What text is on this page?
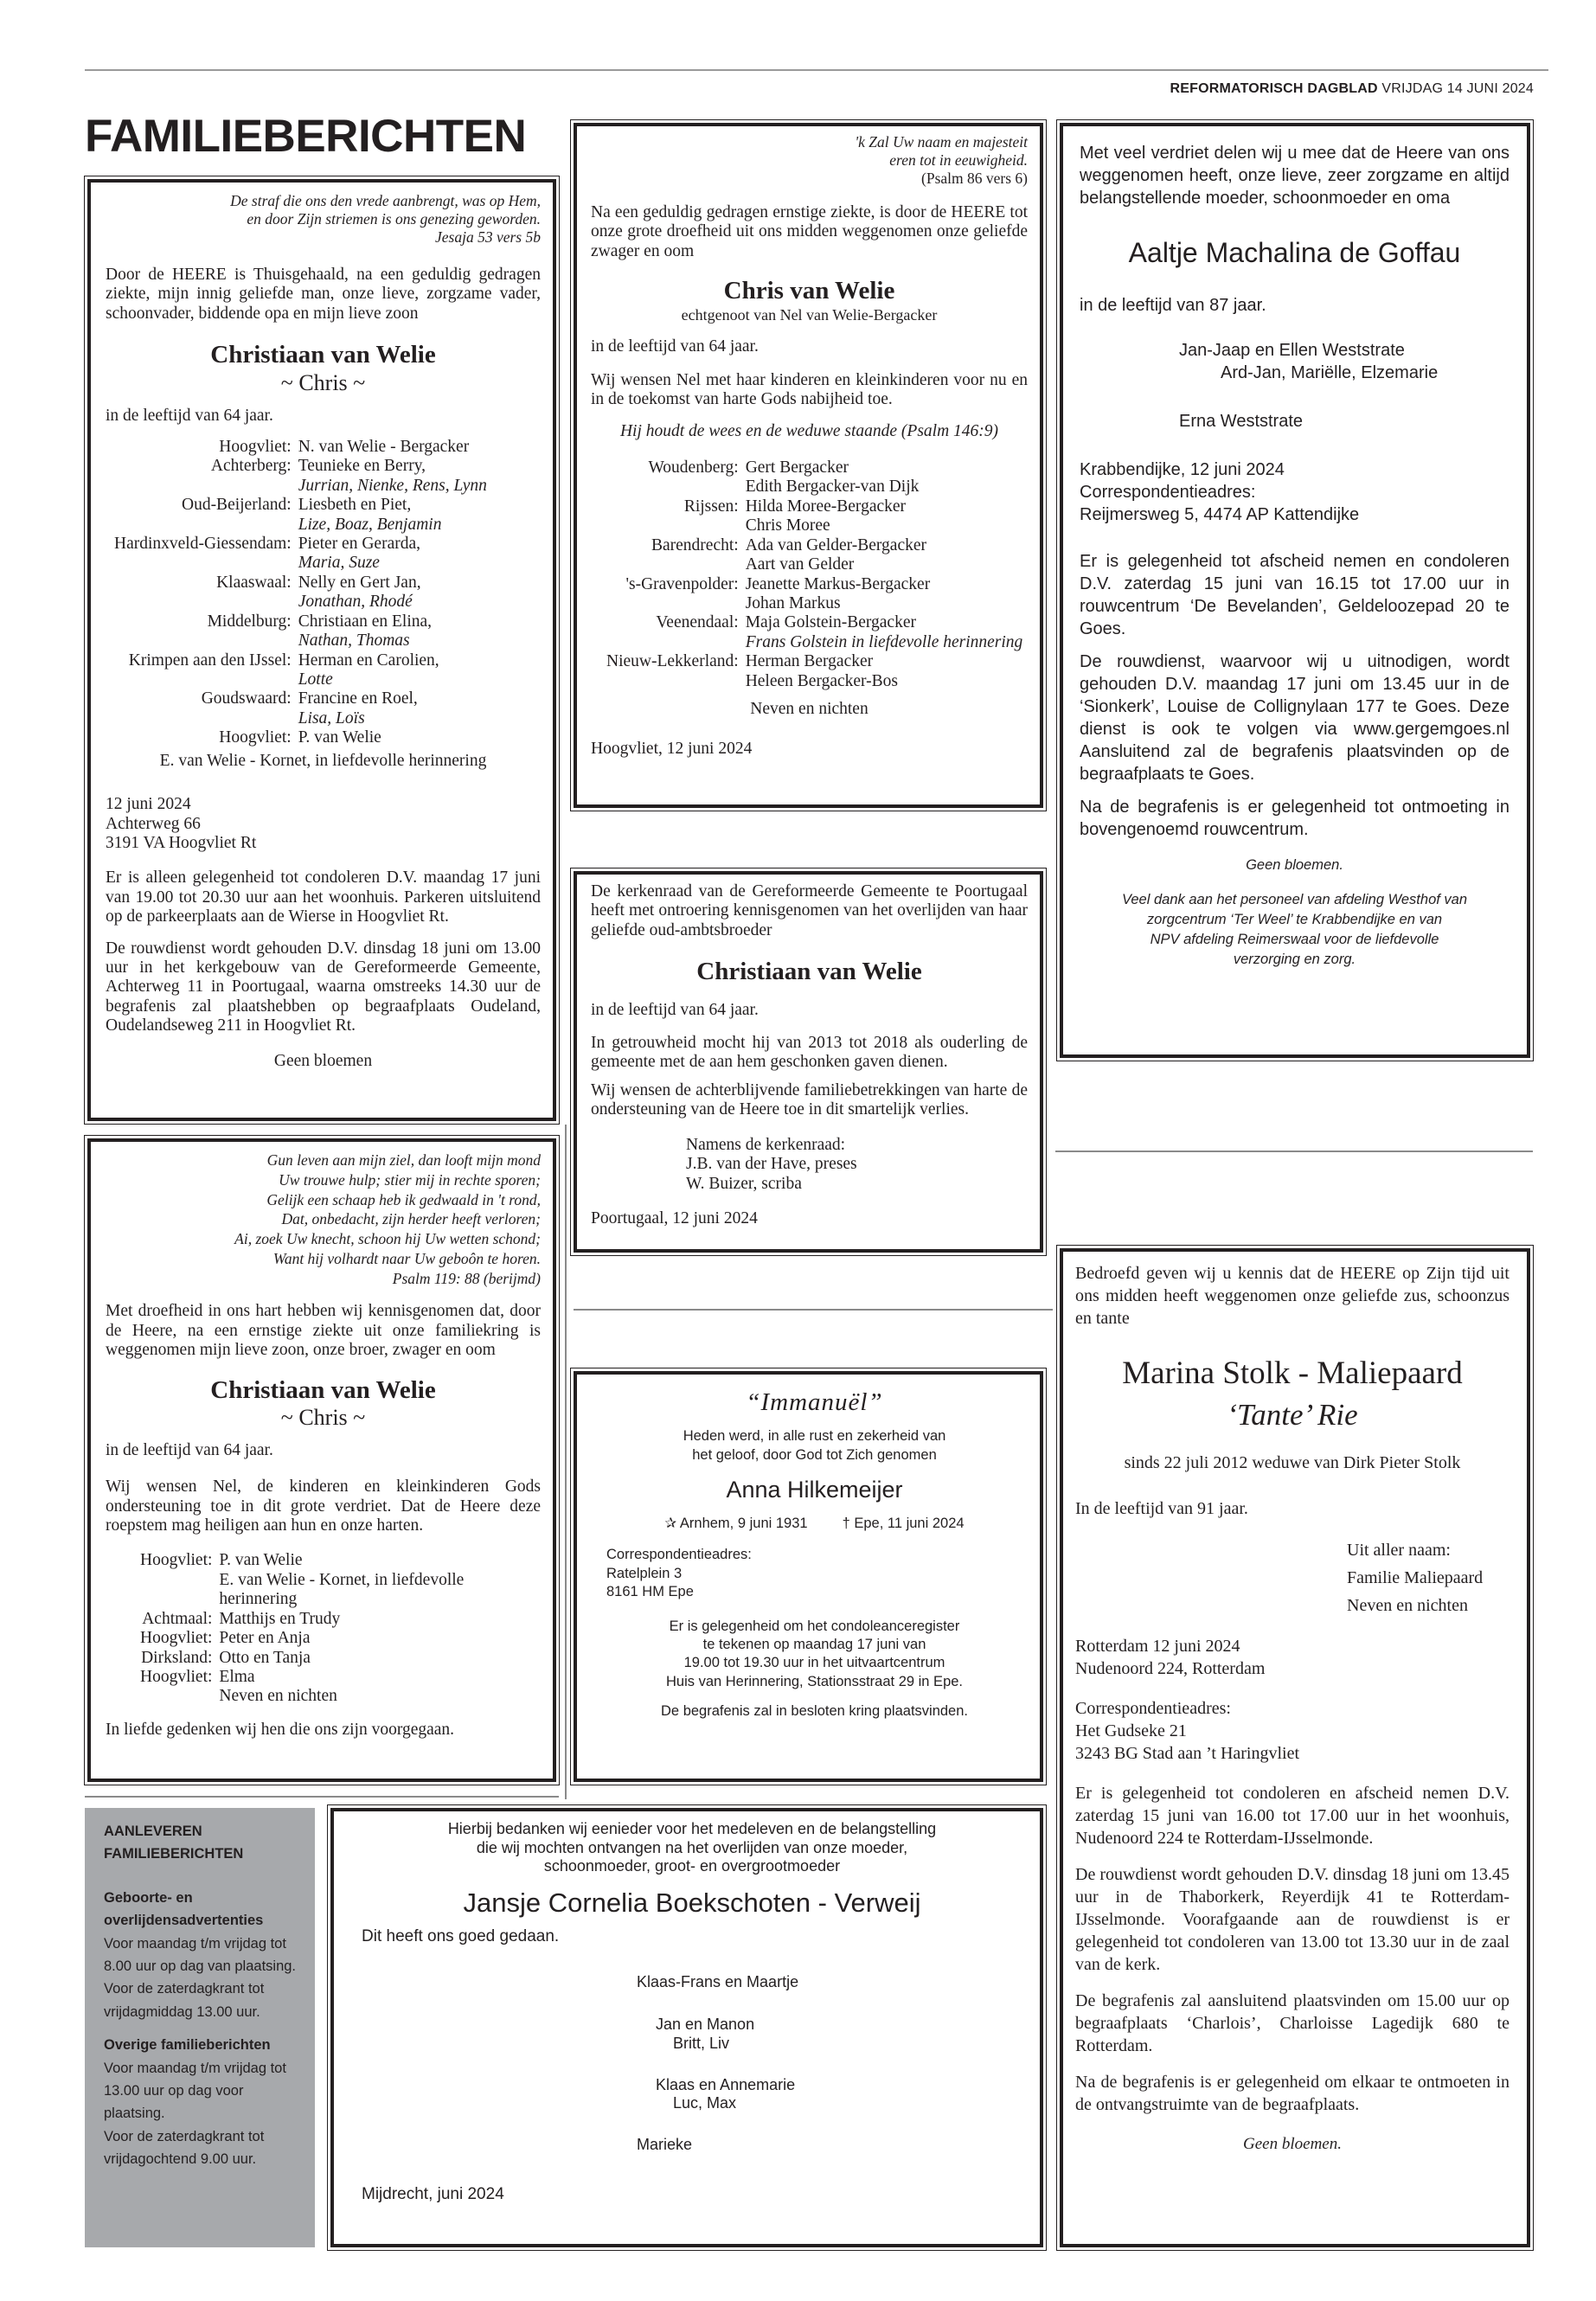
REFORMATORISCH DAGBLAD VRIJDAG 14 JUNI 2024
FAMILIEBERICHTEN
De straf die ons den vrede aanbrengt, was op Hem,
en door Zijn striemen is ons genezing geworden.
Jesaja 53 vers 5b

Door de HEERE is Thuisgehaald, na een geduldig gedragen ziekte, mijn innig geliefde man, onze lieve, zorgzame vader, schoonvader, biddende opa en mijn lieve zoon

Christiaan van Welie
~ Chris ~

in de leeftijd van 64 jaar.

Hoogvliet: N. van Welie - Bergacker
Achterberg: Teunieke en Berry,
Jurrian, Nienke, Rens, Lynn
Oud-Beijerland: Liesbeth en Piet,
Lize, Boaz, Benjamin
Hardinxveld-Giessendam: Pieter en Gerarda,
Maria, Suze
Klaaswaal: Nelly en Gert Jan,
Jonathan, Rhodé
Middelburg: Christiaan en Elina,
Nathan, Thomas
Krimpen aan den IJssel: Herman en Carolien,
Lotte
Goudswaard: Francine en Roel,
Lisa, Loïs
Hoogvliet: P. van Welie

E. van Welie - Kornet, in liefdevolle herinnering

12 juni 2024
Achterweg 66
3191 VA Hoogvliet Rt

Er is alleen gelegenheid tot condoleren D.V. maandag 17 juni van 19.00 tot 20.30 uur aan het woonhuis. Parkeren uitsluitend op de parkeerplaats aan de Wierse in Hoogvliet Rt.

De rouwdienst wordt gehouden D.V. dinsdag 18 juni om 13.00 uur in het kerkgebouw van de Gereformeerde Gemeente, Achterweg 11 in Poortugaal, waarna omstreeks 14.30 uur de begrafenis zal plaatshebben op begraafplaats Oudeland, Oudelandseweg 211 in Hoogvliet Rt.

Geen bloemen

Gun leven aan mijn ziel, dan looft mijn mond
Uw trouwe hulp; stier mij in rechte sporen;
Gelijk een schaap heb ik gedwaald in 't rond,
Dat, onbedacht, zijn herder heeft verloren;
Ai, zoek Uw knecht, schoon hij Uw wetten schond;
Want hij volhardt naar Uw geboôn te horen.
Psalm 119: 88 (berijmd)

Met droefheid in ons hart hebben wij kennisgenomen dat, door de Heere, na een ernstige ziekte uit onze familiekring is weggenomen mijn lieve zoon, onze broer, zwager en oom

Christiaan van Welie
~ Chris ~

in de leeftijd van 64 jaar.

Wij wensen Nel, de kinderen en kleinkinderen Gods ondersteuning toe in dit grote verdriet. Dat de Heere deze roepstem mag heiligen aan hun en onze harten.

Hoogvliet: P. van Welie
E. van Welie - Kornet, in liefdevolle herinnering
Achtmaal: Matthijs en Trudy
Hoogvliet: Peter en Anja
Dirksland: Otto en Tanja
Hoogvliet: Elma
Neven en nichten

In liefde gedenken wij hen die ons zijn voorgegaan.

'k Zal Uw naam en majesteit
eren tot in eeuwigheid.
(Psalm 86 vers 6)

Na een geduldig gedragen ernstige ziekte, is door de HEERE tot onze grote droefheid uit ons midden weggenomen onze geliefde zwager en oom

Chris van Welie
echtgenoot van Nel van Welie-Bergacker

in de leeftijd van 64 jaar.

Wij wensen Nel met haar kinderen en kleinkinderen voor nu en in de toekomst van harte Gods nabijheid toe.

Hij houdt de wees en de weduwe staande (Psalm 146:9)

Woudenberg: Gert Bergacker
Edith Bergacker-van Dijk
Rijssen: Hilda Moree-Bergacker
Chris Moree
Barendrecht: Ada van Gelder-Bergacker
Aart van Gelder
's-Gravenpolder: Jeanette Markus-Bergacker
Johan Markus
Veenendaal: Maja Golstein-Bergacker
Frans Golstein in liefdevolle herinnering
Nieuw-Lekkerland: Herman Bergacker
Heleen Bergacker-Bos

Neven en nichten

Hoogvliet, 12 juni 2024

De kerkenraad van de Gereformeerde Gemeente te Poortugaal heeft met ontroering kennisgenomen van het overlijden van haar geliefde oud-ambtsbroeder

Christiaan van Welie

in de leeftijd van 64 jaar.

In getrouwheid mocht hij van 2013 tot 2018 als ouderling de gemeente met de aan hem geschonken gaven dienen.

Wij wensen de achterblijvende familiebetrekkingen van harte de ondersteuning van de Heere toe in dit smartelijk verlies.

Namens de kerkenraad:
J.B. van der Have, preses
W. Buizer, scriba

Poortugaal, 12 juni 2024

“Immanuël”
Heden werd, in alle rust en zekerheid van
het geloof, door God tot Zich genomen
Anna Hilkemeijer
✰ Arnhem, 9 juni 1931 † Epe, 11 juni 2024
Correspondentieadres:
Ratelplein 3
8161 HM Epe
Er is gelegenheid om het condoleanceregister
te tekenen op maandag 17 juni van
19.00 tot 19.30 uur in het uitvaartcentrum
Huis van Herinnering, Stationsstraat 29 in Epe.

De begrafenis zal in besloten kring plaatsvinden.

Met veel verdriet delen wij u mee dat de Heere van ons weggenomen heeft, onze lieve, zeer zorgzame en altijd belangstellende moeder, schoonmoeder en oma

Aaltje Machalina de Goffau

in de leeftijd van 87 jaar.

Jan-Jaap en Ellen Weststrate
Ard-Jan, Mariëlle, Elzemarie
Erna Weststrate
Krabbendijke, 12 juni 2024
Correspondentieadres:
Reijmersweg 5, 4474 AP Kattendijke

Er is gelegenheid tot afscheid nemen en condoleren D.V. zaterdag 15 juni van 16.15 tot 17.00 uur in rouwcentrum ‘De Bevelanden’, Geldeloozepad 20 te Goes.

De rouwdienst, waarvoor wij u uitnodigen, wordt gehouden D.V. maandag 17 juni om 13.45 uur in de ‘Sionkerk’, Louise de Collignylaan 177 te Goes. Deze dienst is ook te volgen via www.gergemgoes.nl Aansluitend zal de begrafenis plaatsvinden op de begraafplaats te Goes.

Na de begrafenis is er gelegenheid tot ontmoeting in bovengenoemd rouwcentrum.

Geen bloemen.

Veel dank aan het personeel van afdeling Westhof van
zorgcentrum ‘Ter Weel’ te Krabbendijke en van
NPV afdeling Reimerswaal voor de liefdevolle
verzorging en zorg.

Bedroefd geven wij u kennis dat de HEERE op Zijn tijd uit ons midden heeft weggenomen onze geliefde zus, schoonzus en tante

Marina Stolk - Maliepaard
‘Tante’ Rie

sinds 22 juli 2012 weduwe van Dirk Pieter Stolk

In de leeftijd van 91 jaar.

Uit aller naam:
Familie Maliepaard
Neven en nichten
Rotterdam 12 juni 2024
Nudenoord 224, Rotterdam
Correspondentieadres:
Het Gudseke 21
3243 BG Stad aan ’t Haringvliet

Er is gelegenheid tot condoleren en afscheid nemen D.V. zaterdag 15 juni van 16.00 tot 17.00 uur in het woonhuis, Nudenoord 224 te Rotterdam-IJsselmonde.

De rouwdienst wordt gehouden D.V. dinsdag 18 juni om 13.45 uur in de Thaborkerk, Reyerdijk 41 te Rotterdam-IJsselmonde. Voorafgaande aan de rouwdienst is er gelegenheid tot condoleren van 13.00 tot 13.30 uur in de zaal van de kerk.

De begrafenis zal aansluitend plaatsvinden om 15.00 uur op begraafplaats ‘Charlois’, Charloisse Lagedijk 680 te Rotterdam.

Na de begrafenis is er gelegenheid om elkaar te ontmoeten in de ontvangstruimte van de begraafplaats.

Geen bloemen.

AANLEVEREN
FAMILIEBERICHTEN
Geboorte- en overlijdensadvertenties
Voor maandag t/m vrijdag tot 8.00 uur op dag van plaatsing.
Voor de zaterdagkrant tot vrijdagmiddag 13.00 uur.
Overige familieberichten
Voor maandag t/m vrijdag tot 13.00 uur op dag voor plaatsing.
Voor de zaterdagkrant tot vrijdagochtend 9.00 uur.
Hierbij bedanken wij eenieder voor het medeleven en de belangstelling
die wij mochten ontvangen na het overlijden van onze moeder,
schoonmoeder, groot- en overgrootmoeder
Jansje Cornelia Boekschoten - Verweij

Dit heeft ons goed gedaan.

Klaas-Frans en Maartje
Jan en Manon
Britt, Liv
Klaas en Annemarie
Luc, Max
Marieke

Mijdrecht, juni 2024
